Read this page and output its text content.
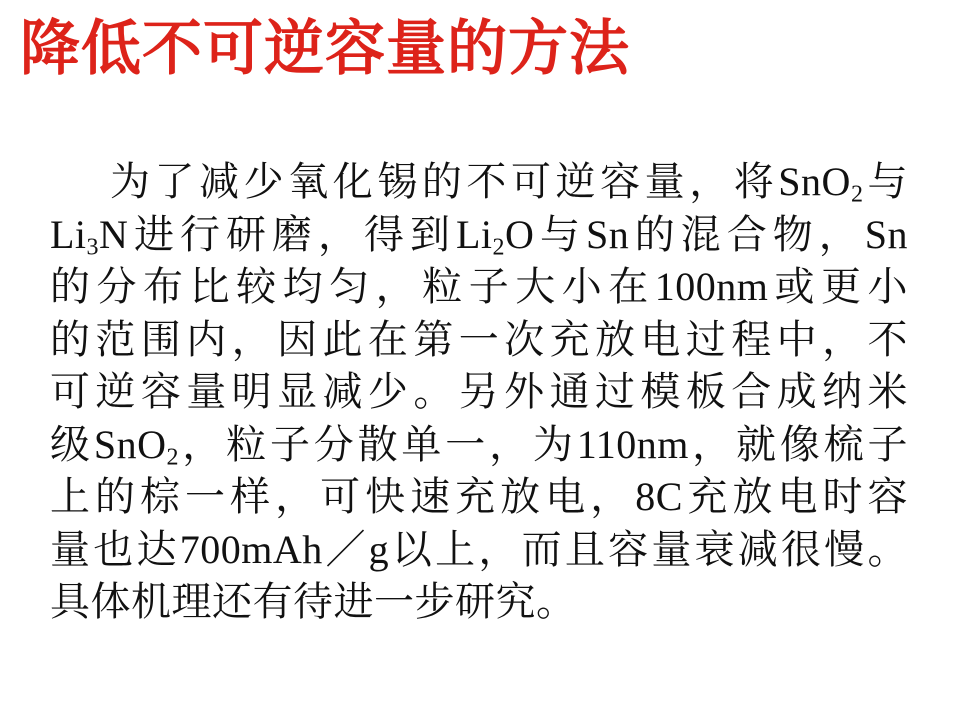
降低不可逆容量的方法
为了减少氧化锡的不可逆容量，将SnO$_2$与
$Li_3N$进行研磨，得到$Li_2O$与Sn的混合物，Sn
的分布比较均匀，粒子大小在100nm或更小
的范围内，因此在第一次充放电过程中，不
可逆容量明显减少。另外通过模板合成纳米
级SnO$_2$，粒子分散单一，为110nm，就像梳子
上的棕一样，可快速充放电，8C充放电时容
量也达700mAh／g以上，而且容量衰减很慢。
具体机理还有待进一步研究。
